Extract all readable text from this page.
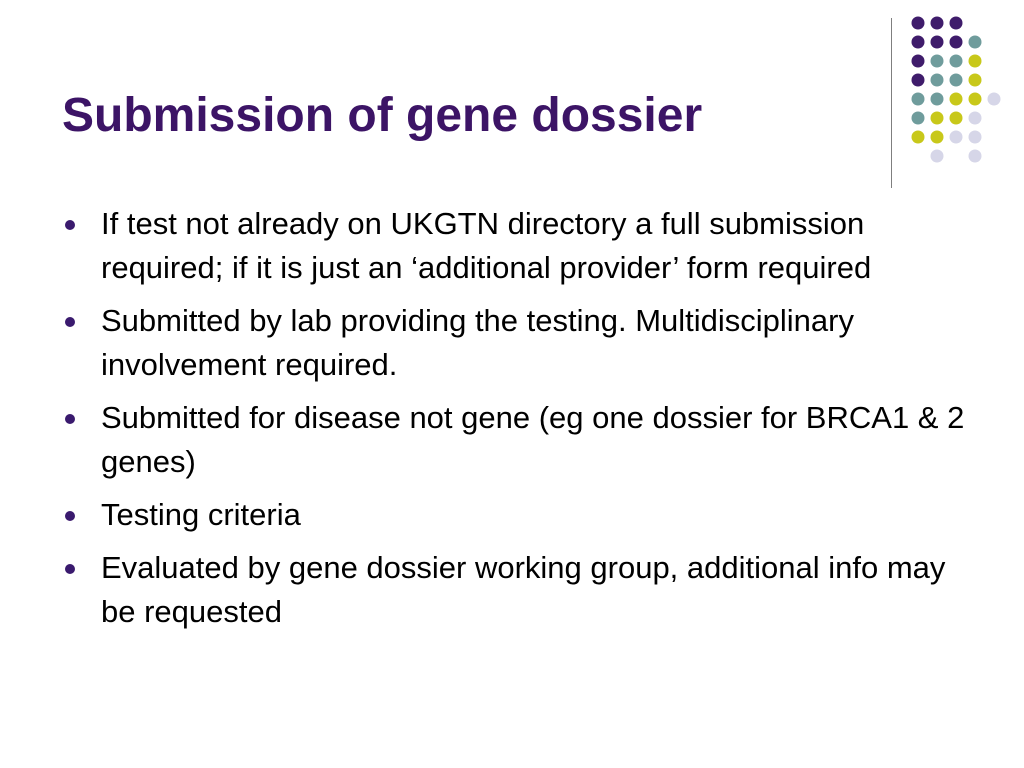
Submission of gene dossier
If test not already on UKGTN directory a full submission required; if it is just an ‘additional provider’ form required
Submitted by lab providing the testing. Multidisciplinary involvement required.
Submitted for disease not gene (eg one dossier for BRCA1 & 2 genes)
Testing criteria
Evaluated by gene dossier working group, additional info may be requested
